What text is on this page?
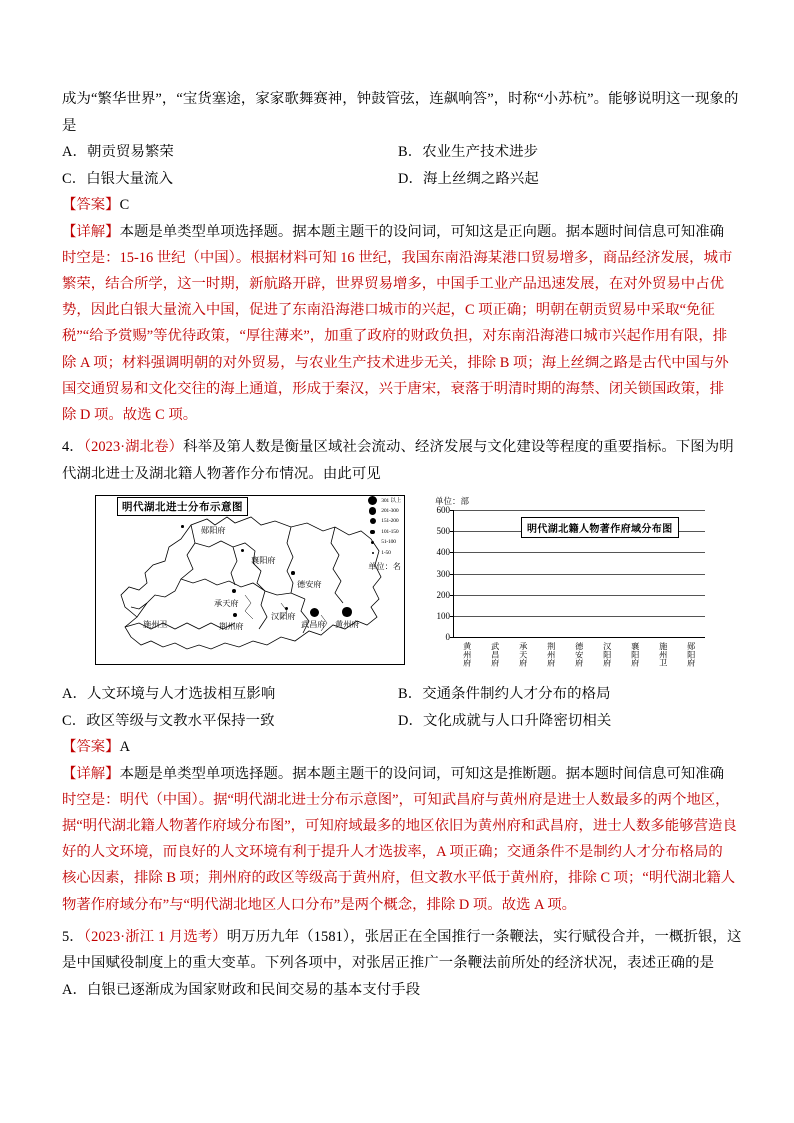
成为“繁华世界”，“宝货塞途，家家歌舞赛神，钟鼓管弦，连飙响答”，时称“小苏杭”。能够说明这一现象的
是
A．朝贡贸易繁荣	B．农业生产技术进步
C．白银大量流入	D．海上丝绸之路兴起
【答案】C

【详解】本题是单类型单项选择题。据本题主题干的设问词，可知这是正向题。据本题时间信息可知准确

时空是：15-16 世纪（中国）。根据材料可知 16 世纪，我国东南沿海某港口贸易增多，商品经济发展，城市

繁荣，结合所学，这一时期，新航路开辟，世界贸易增多，中国手工业产品迅速发展，在对外贸易中占优

势，因此白银大量流入中国，促进了东南沿海港口城市的兴起，C 项正确；明朝在朝贡贸易中采取“免征

税”“给予赏赐”等优待政策，“厚往薄来”，加重了政府的财政负担，对东南沿海港口城市兴起作用有限，排

除 A 项；材料强调明朝的对外贸易，与农业生产技术进步无关，排除 B 项；海上丝绸之路是古代中国与外

国交通贸易和文化交往的海上通道，形成于秦汉，兴于唐宋，衰落于明清时期的海禁、闭关锁国政策，排

除 D 项。故选 C 项。

4．（2023·湖北卷）科举及第人数是衡量区域社会流动、经济发展与文化建设等程度的重要指标。下图为明
代湖北进士及湖北籍人物著作分布情况。由此可见
明代湖北进士分布示意图
郧阳府
襄阳府
德安府
承天府
汉阳府
武昌府 黄州府
荆州府
施州卫
301 以上
201-300
151-200
101-150
51-100
1-50
单位：名
单位：部
明代湖北籍人物著作府域分布图
600
500
400
300
200
100
0
黄州府 武昌府 承天府 荆州府 德安府 汉阳府 襄阳府 施州卫 郧阳府
A．人文环境与人才选拔相互影响	B．交通条件制约人才分布的格局
C．政区等级与文教水平保持一致	D．文化成就与人口升降密切相关
【答案】A

【详解】本题是单类型单项选择题。据本题主题干的设问词，可知这是推断题。据本题时间信息可知准确

时空是：明代（中国）。据“明代湖北进士分布示意图”，可知武昌府与黄州府是进士人数最多的两个地区，

据“明代湖北籍人物著作府域分布图”，可知府域最多的地区依旧为黄州府和武昌府，进士人数多能够营造良

好的人文环境，而良好的人文环境有利于提升人才选拔率，A 项正确；交通条件不是制约人才分布格局的

核心因素，排除 B 项；荆州府的政区等级高于黄州府，但文教水平低于黄州府，排除 C 项；“明代湖北籍人

物著作府域分布”与“明代湖北地区人口分布”是两个概念，排除 D 项。故选 A 项。

5．（2023·浙江 1 月选考）明万历九年（1581），张居正在全国推行一条鞭法，实行赋役合并，一概折银，这
是中国赋役制度上的重大变革。下列各项中，对张居正推广一条鞭法前所处的经济状况，表述正确的是
A．白银已逐渐成为国家财政和民间交易的基本支付手段
